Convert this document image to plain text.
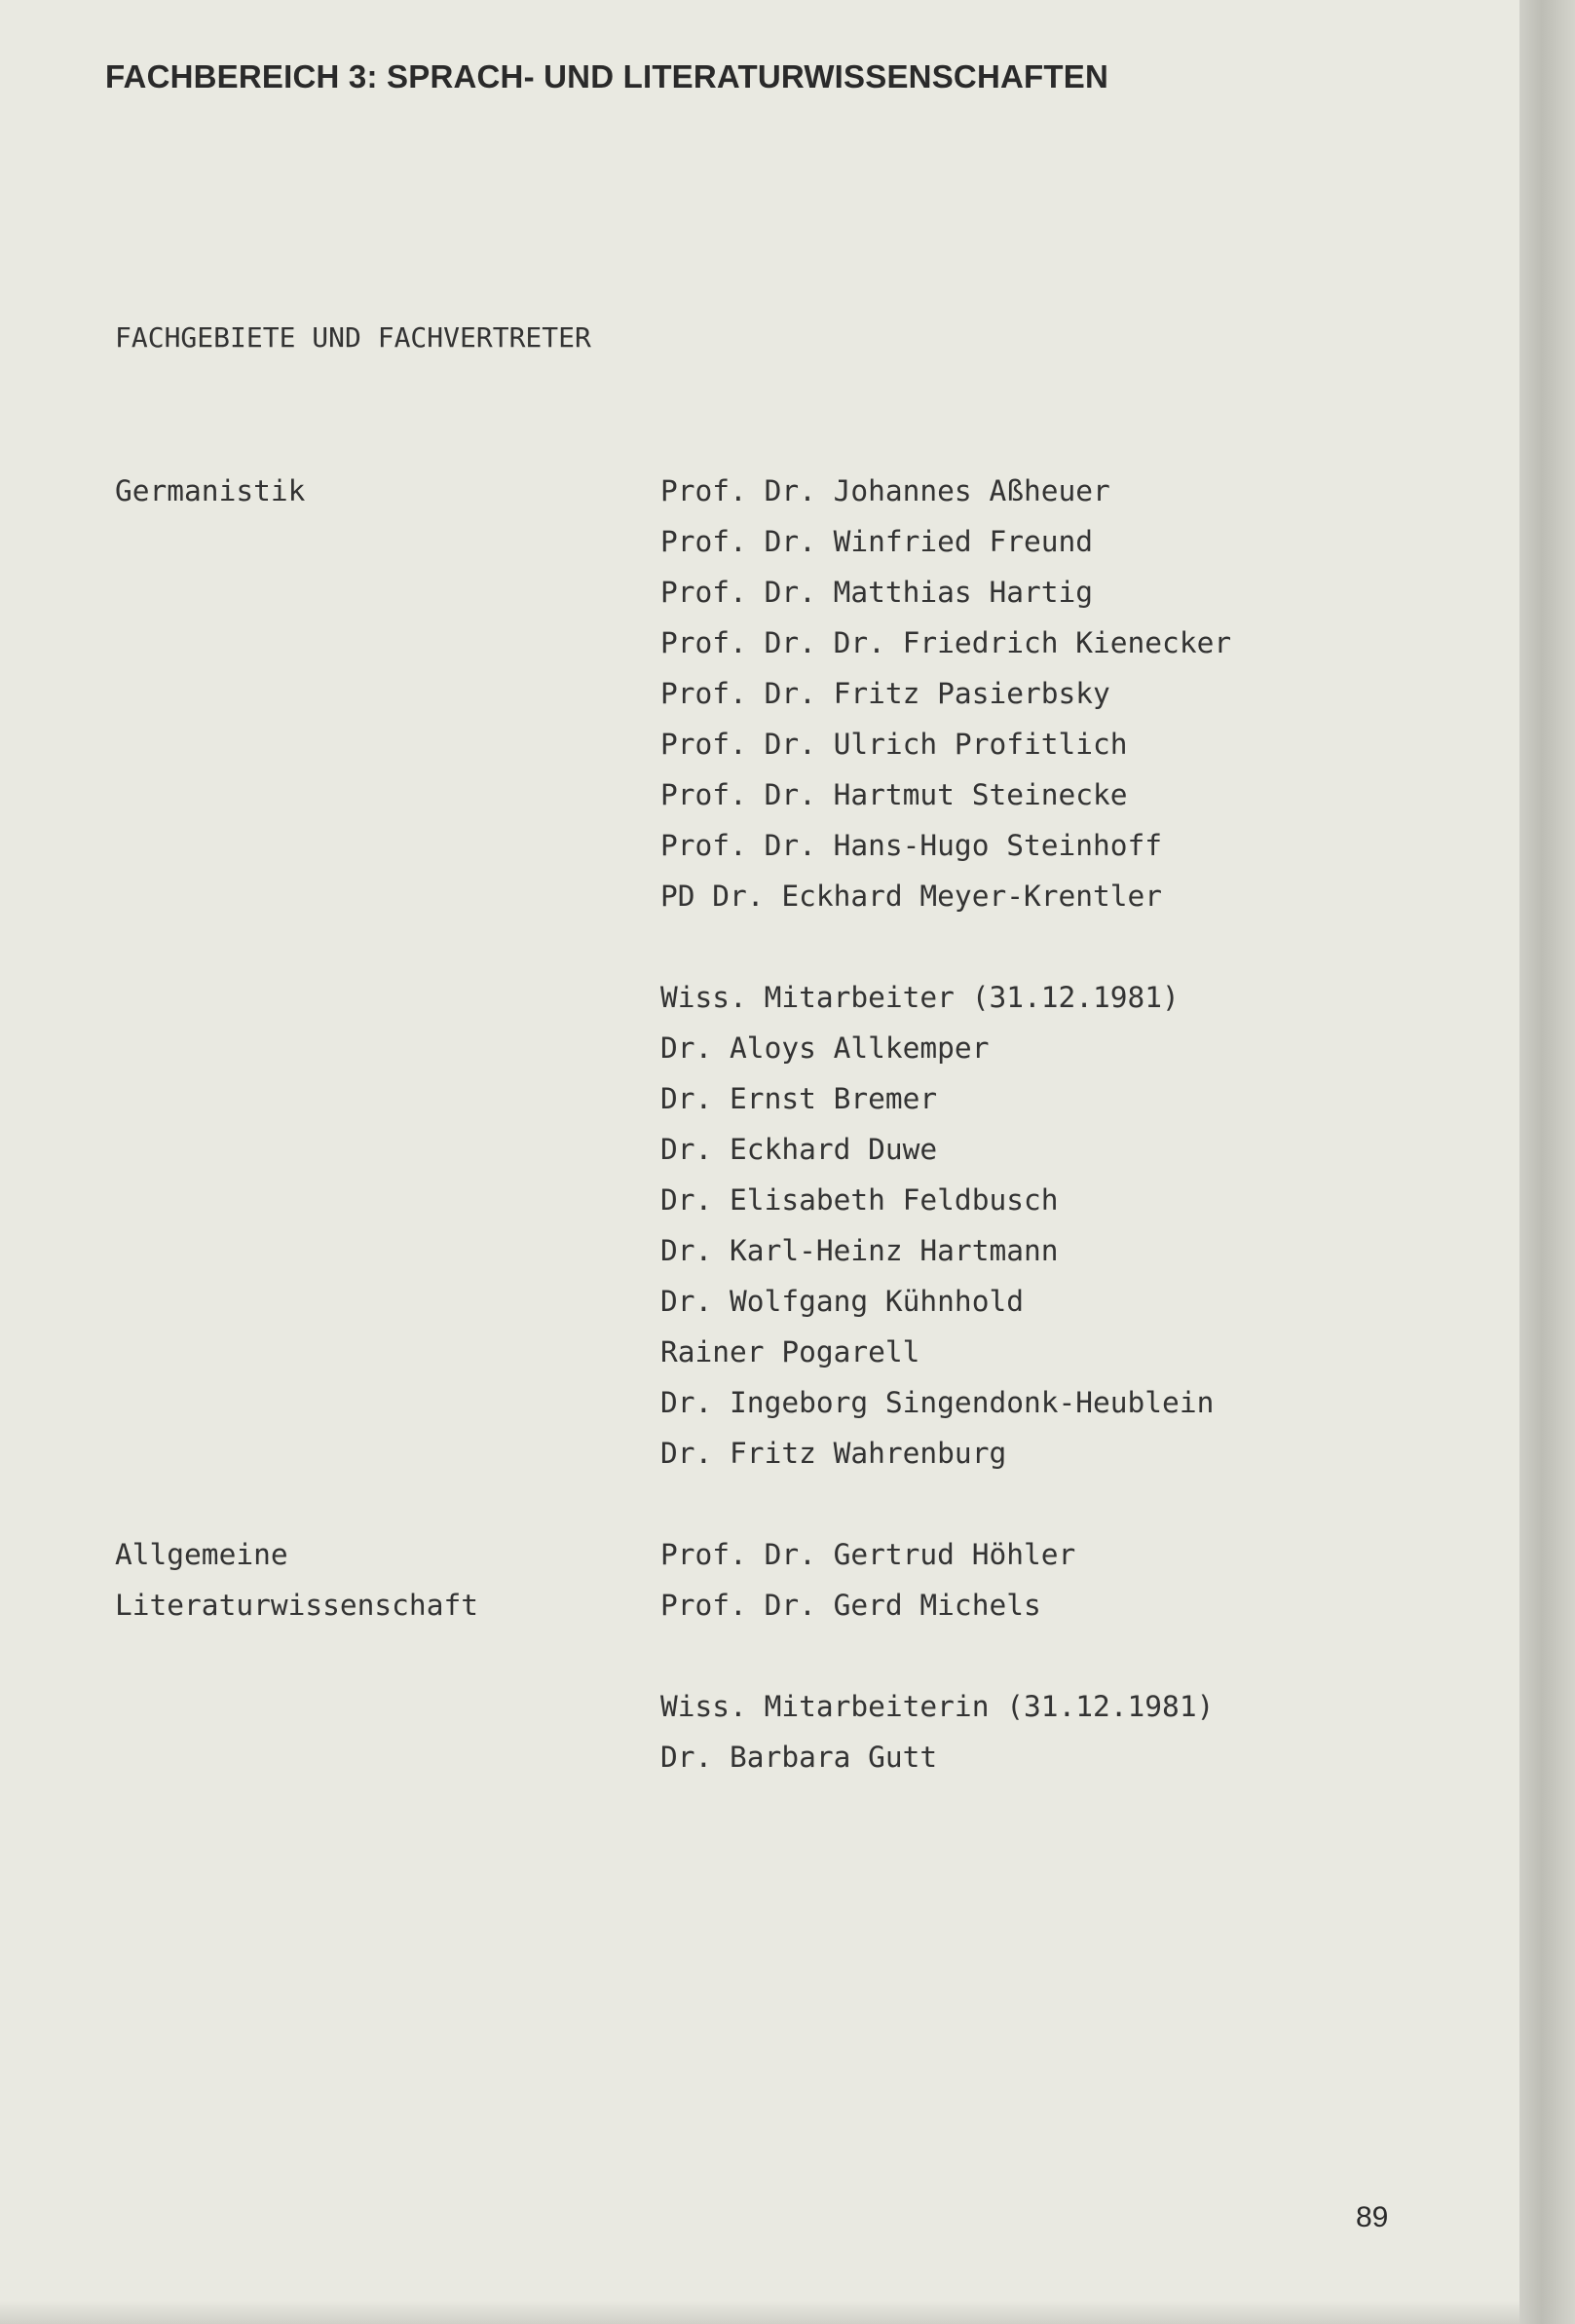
FACHBEREICH 3: SPRACH- UND LITERATURWISSENSCHAFTEN
FACHGEBIETE UND FACHVERTRETER
Germanistik	Prof. Dr. Johannes Aßheuer
Prof. Dr. Winfried Freund
Prof. Dr. Matthias Hartig
Prof. Dr. Dr. Friedrich Kienecker
Prof. Dr. Fritz Pasierbsky
Prof. Dr. Ulrich Profitlich
Prof. Dr. Hartmut Steinecke
Prof. Dr. Hans-Hugo Steinhoff
PD Dr. Eckhard Meyer-Krentler
Wiss. Mitarbeiter (31.12.1981)
Dr. Aloys Allkemper
Dr. Ernst Bremer
Dr. Eckhard Duwe
Dr. Elisabeth Feldbusch
Dr. Karl-Heinz Hartmann
Dr. Wolfgang Kühnhold
Rainer Pogarell
Dr. Ingeborg Singendonk-Heublein
Dr. Fritz Wahrenburg
Allgemeine
Literaturwissenschaft
Prof. Dr. Gertrud Höhler
Prof. Dr. Gerd Michels
Wiss. Mitarbeiterin (31.12.1981)
Dr. Barbara Gutt
89
